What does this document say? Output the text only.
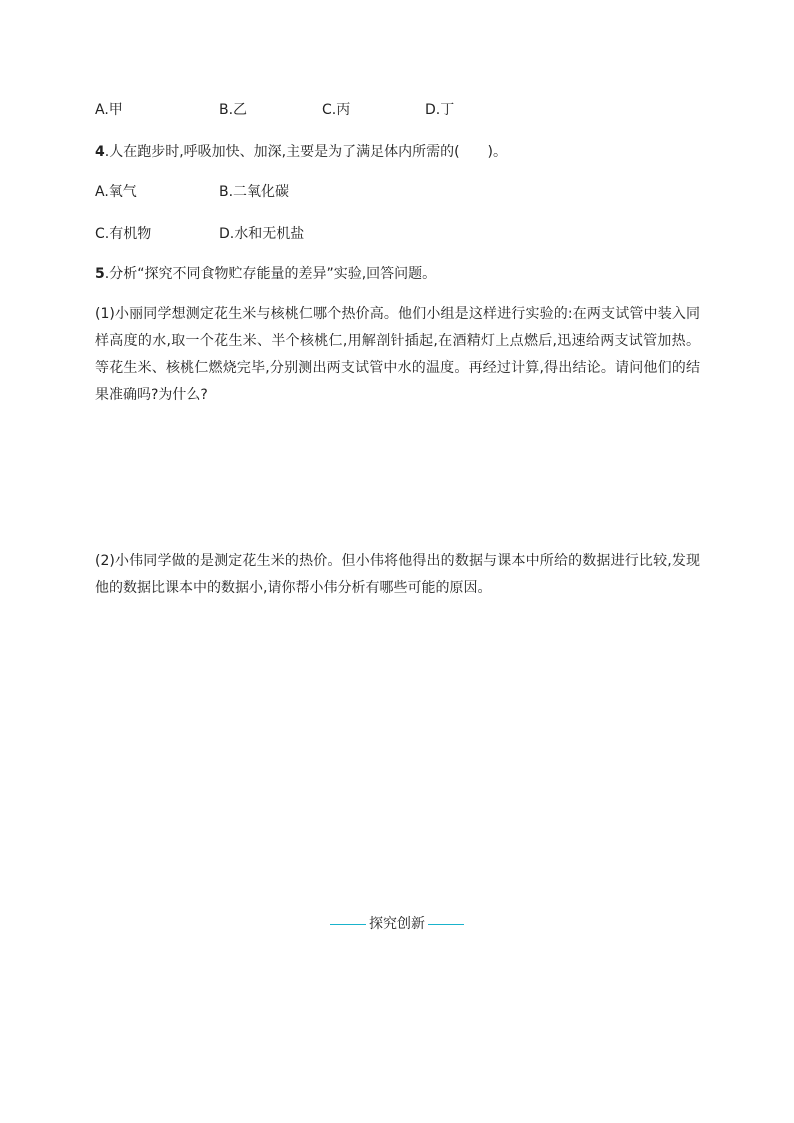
A.甲	B.乙	C.丙	D.丁
4.人在跑步时,呼吸加快、加深,主要是为了满足体内所需的(　　)。
A.氧气	B.二氧化碳
C.有机物	D.水和无机盐
5.分析“探究不同食物贮存能量的差异”实验,回答问题。
(1)小丽同学想测定花生米与核桃仁哪个热价高。他们小组是这样进行实验的:在两支试管中装入同样高度的水,取一个花生米、半个核桃仁,用解剖针插起,在酒精灯上点燃后,迅速给两支试管加热。等花生米、核桃仁燃烧完毕,分别测出两支试管中水的温度。再经过计算,得出结论。请问他们的结果准确吗?为什么?
(2)小伟同学做的是测定花生米的热价。但小伟将他得出的数据与课本中所给的数据进行比较,发现他的数据比课本中的数据小,请你帮小伟分析有哪些可能的原因。
探究创新
